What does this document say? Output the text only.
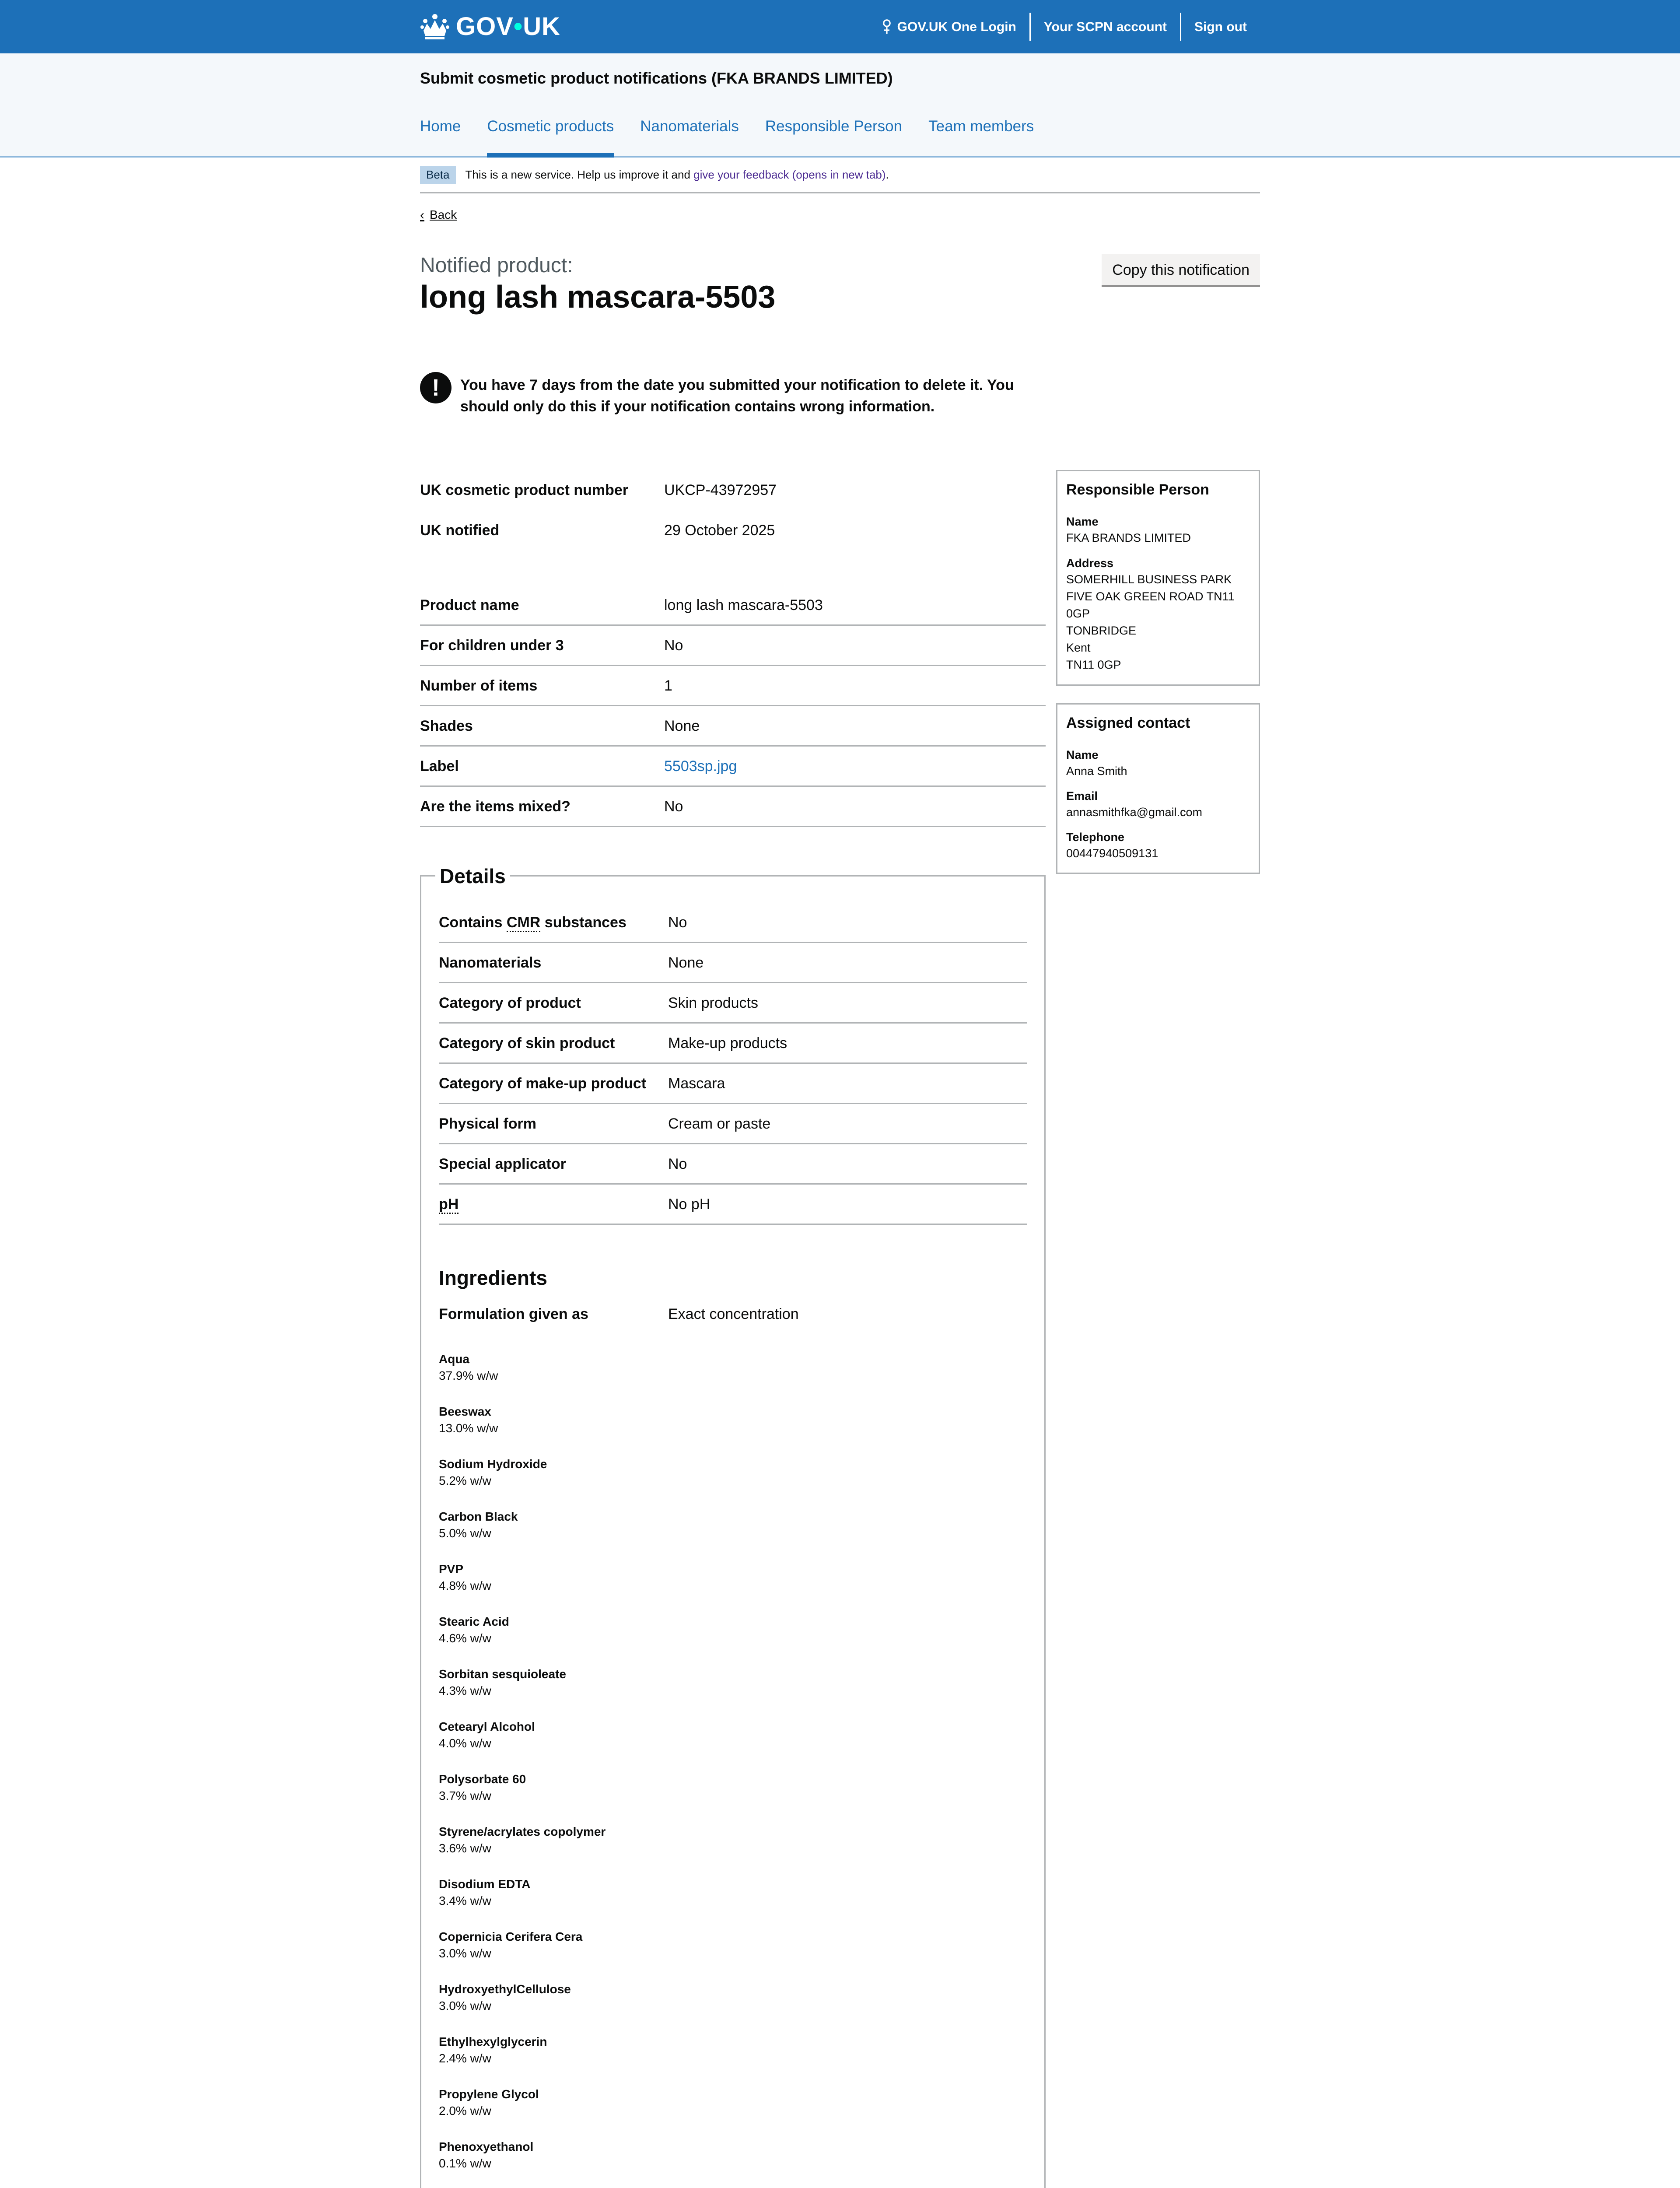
GOV•UK	GOV.UK One Login	Your SCPN account	Sign out
Submit cosmetic product notifications (FKA BRANDS LIMITED)
Home Cosmetic products Nanomaterials Responsible Person Team members
Beta	This is a new service. Help us improve it and give your feedback (opens in new tab).
‹ Back
Notified product:
long lash mascara-5503
Copy this notification
!	You have 7 days from the date you submitted your notification to delete it. You should only do this if your notification contains wrong information.
UK cosmetic product number	UKCP-43972957
UK notified	29 October 2025
Product name	long lash mascara-5503
For children under 3	No
Number of items	1
Shades	None
Label	5503sp.jpg
Are the items mixed?	No
Details
Contains CMR substances	No
Nanomaterials	None
Category of product	Skin products
Category of skin product	Make-up products
Category of make-up product	Mascara
Physical form	Cream or paste
Special applicator	No
pH	No pH
Ingredients
Formulation given as	Exact concentration
Aqua
37.9% w/w
Beeswax
13.0% w/w
Sodium Hydroxide
5.2% w/w
Carbon Black
5.0% w/w
PVP
4.8% w/w
Stearic Acid
4.6% w/w
Sorbitan sesquioleate
4.3% w/w
Cetearyl Alcohol
4.0% w/w
Polysorbate 60
3.7% w/w
Styrene/acrylates copolymer
3.6% w/w
Disodium EDTA
3.4% w/w
Copernicia Cerifera Cera
3.0% w/w
HydroxyethylCellulose
3.0% w/w
Ethylhexylglycerin
2.4% w/w
Propylene Glycol
2.0% w/w
Phenoxyethanol
0.1% w/w
Responsible Person
Name
FKA BRANDS LIMITED
Address
SOMERHILL BUSINESS PARK
FIVE OAK GREEN ROAD TN11
0GP
TONBRIDGE
Kent
TN11 0GP
Assigned contact
Name
Anna Smith
Email
annasmithfka@gmail.com
Telephone
00447940509131
